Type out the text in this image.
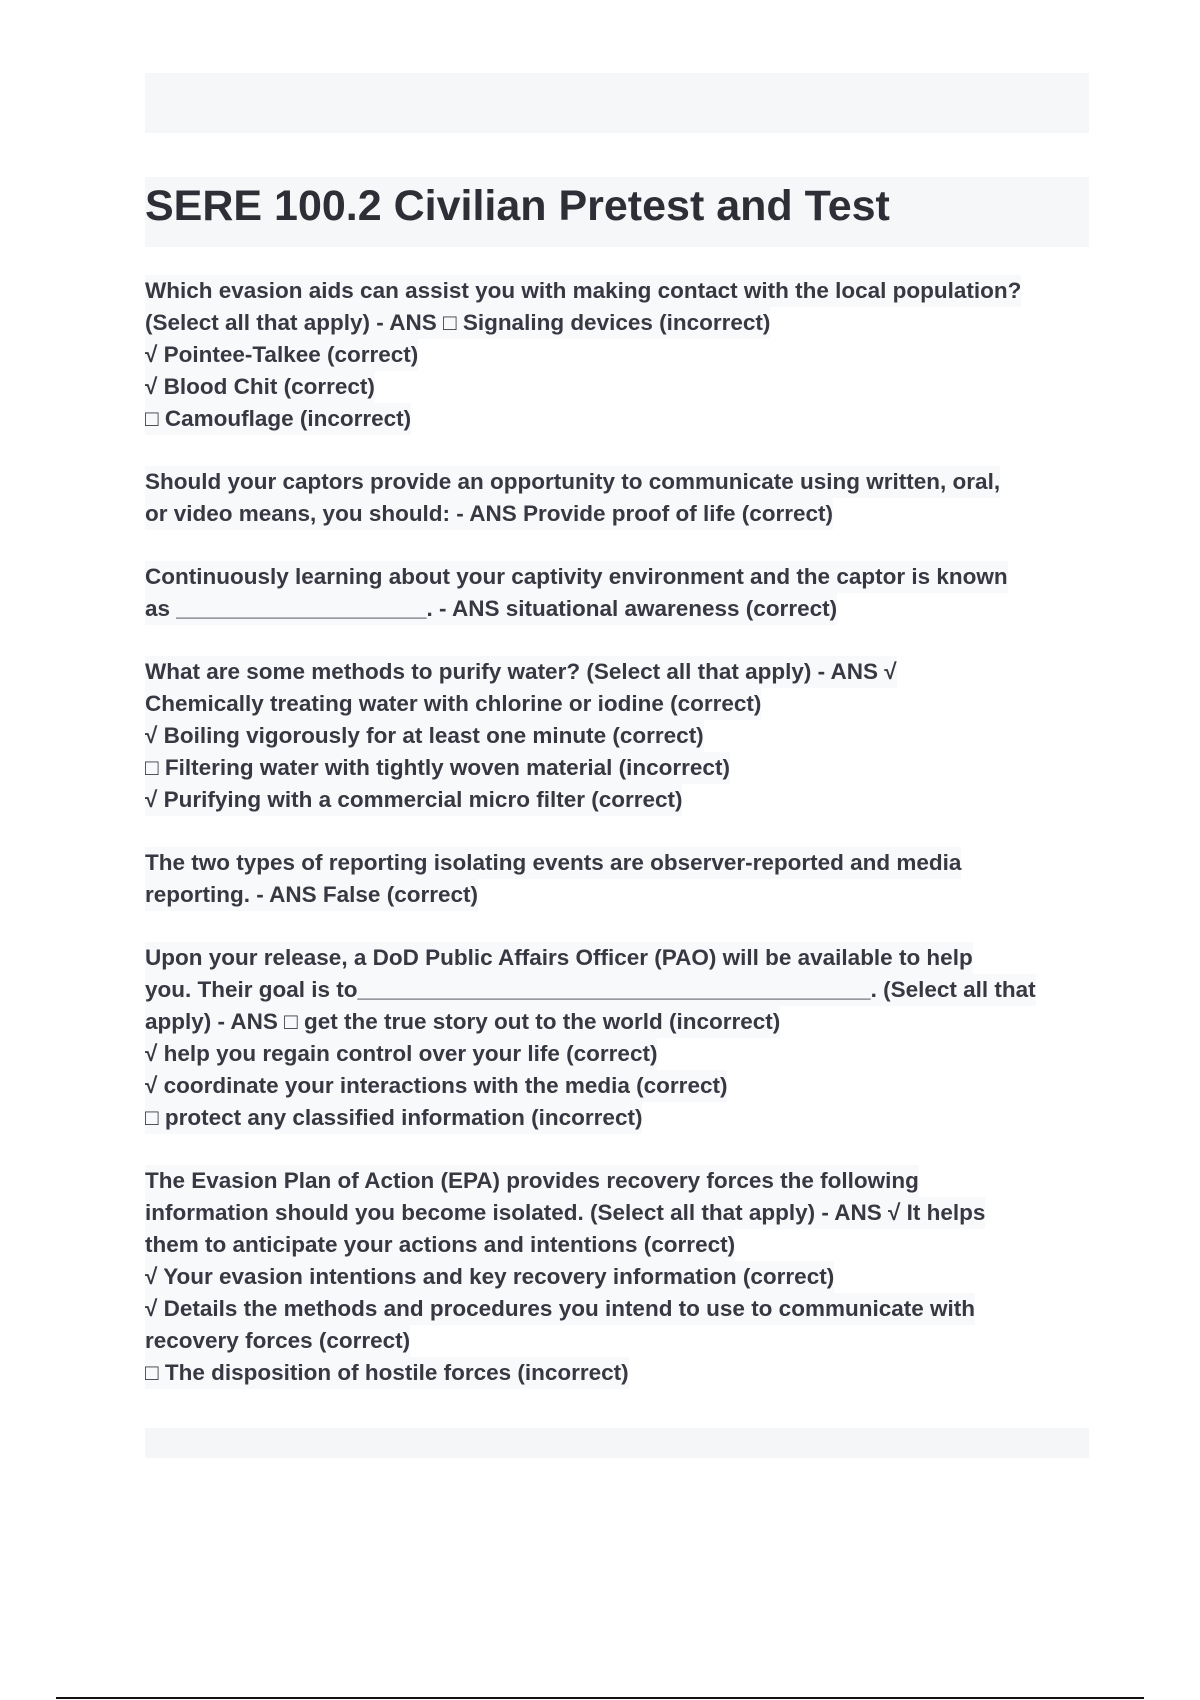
SERE 100.2 Civilian Pretest and Test
Which evasion aids can assist you with making contact with the local population?
(Select all that apply) - ANS □ Signaling devices (incorrect)
√ Pointee-Talkee (correct)
√ Blood Chit (correct)
□ Camouflage (incorrect)
Should your captors provide an opportunity to communicate using written, oral,
or video means, you should: - ANS Provide proof of life (correct)
Continuously learning about your captivity environment and the captor is known
as ____________________. - ANS situational awareness (correct)
What are some methods to purify water? (Select all that apply) - ANS √
Chemically treating water with chlorine or iodine (correct)
√ Boiling vigorously for at least one minute (correct)
□ Filtering water with tightly woven material (incorrect)
√ Purifying with a commercial micro filter (correct)
The two types of reporting isolating events are observer-reported and media
reporting. - ANS False (correct)
Upon your release, a DoD Public Affairs Officer (PAO) will be available to help
you. Their goal is to_________________________________________. (Select all that
apply) - ANS □ get the true story out to the world (incorrect)
√ help you regain control over your life (correct)
√ coordinate your interactions with the media (correct)
□ protect any classified information (incorrect)
The Evasion Plan of Action (EPA) provides recovery forces the following
information should you become isolated. (Select all that apply) - ANS √ It helps
them to anticipate your actions and intentions (correct)
√ Your evasion intentions and key recovery information (correct)
√ Details the methods and procedures you intend to use to communicate with
recovery forces (correct)
□ The disposition of hostile forces (incorrect)
